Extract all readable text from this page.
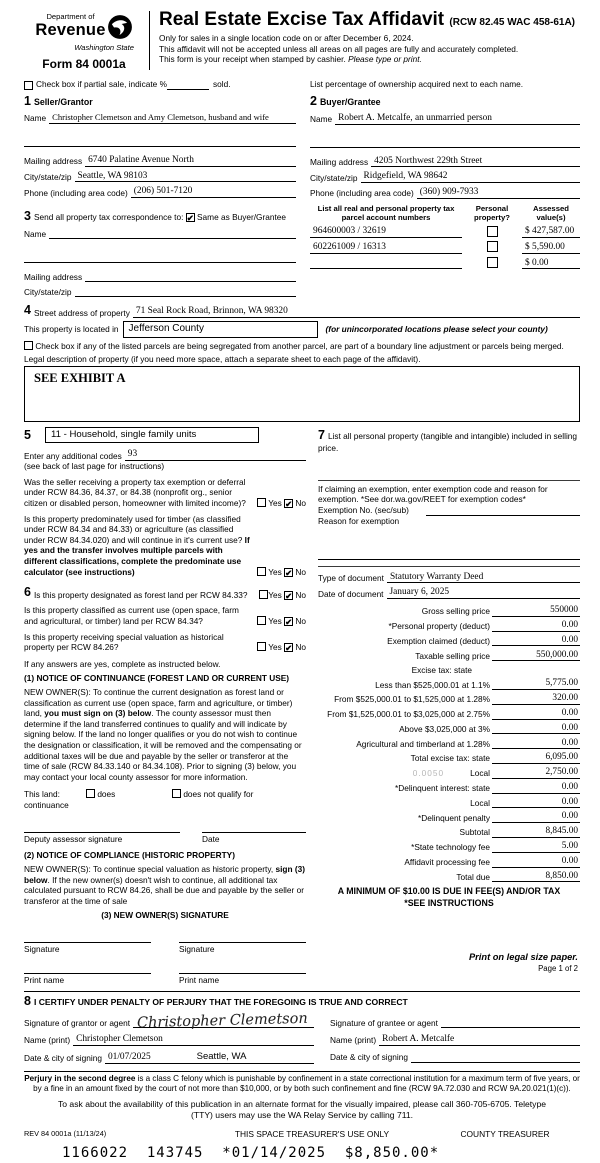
Department of
Revenue
Washington State
Form 84 0001a
Real Estate Excise Tax Affidavit (RCW 82.45 WAC 458-61A)
Only for sales in a single location code on or after December 6, 2024.
This affidavit will not be accepted unless all areas on all pages are fully and accurately completed.
This form is your receipt when stamped by cashier. Please type or print.
Check box if partial sale, indicate %	sold.	List percentage of ownership acquired next to each name.
1 Seller/Grantor
Name Christopher Clemetson and Amy Clemetson, husband and wife
Mailing address 6740 Palatine Avenue North
City/state/zip Seattle, WA 98103
Phone (including area code) (206) 501-7120
3 Send all property tax correspondence to: ✔ Same as Buyer/Grantee
Name
Mailing address
City/state/zip
2 Buyer/Grantee
Name Robert A. Metcalfe, an unmarried person
Mailing address 4205 Northwest 229th Street
City/state/zip Ridgefield, WA 98642
Phone (including area code) (360) 909-7933
List all real and personal property tax parcel account numbers
Personal property?
Assessed value(s)
964600003 / 32619	$ 427,587.00
602261009 / 16313	$ 5,590.00
$ 0.00
4 Street address of property 71 Seal Rock Road, Brinnon, WA 98320
This property is located in	Jefferson County	(for unincorporated locations please select your county)
Check box if any of the listed parcels are being segregated from another parcel, are part of a boundary line adjustment or parcels being merged.
Legal description of property (if you need more space, attach a separate sheet to each page of the affidavit).
SEE EXHIBIT A
5	11 - Household, single family units
Enter any additional codes 93
(see back of last page for instructions)
Was the seller receiving a property tax exemption or deferral under RCW 84.36, 84.37, or 84.38 (nonprofit org., senior citizen or disabled person, homeowner with limited income)?	Yes ✔ No
Is this property predominately used for timber (as classified under RCW 84.34 and 84.33) or agriculture (as classified under RCW 84.34.020) and will continue in it's current use? If yes and the transfer involves multiple parcels with different classifications, complete the predominate use calculator (see instructions)	Yes ✔ No
6 Is this property designated as forest land per RCW 84.33?	Yes ✔ No
Is this property classified as current use (open space, farm and agricultural, or timber) land per RCW 84.34?	Yes ✔ No
Is this property receiving special valuation as historical property per RCW 84.26?	Yes ✔ No
If any answers are yes, complete as instructed below.
(1) NOTICE OF CONTINUANCE (FOREST LAND OR CURRENT USE)
NEW OWNER(S): To continue the current designation as forest land or classification as current use (open space, farm and agriculture, or timber) land, you must sign on (3) below. The county assessor must then determine if the land transferred continues to qualify and will indicate by signing below. If the land no longer qualifies or you do not wish to continue the designation or classification, it will be removed and the compensating or additional taxes will be due and payable by the seller or transferor at the time of sale (RCW 84.33.140 or 84.34.108). Prior to signing (3) below, you may contact your local county assessor for more information.
This land:
continuance
does	does not qualify for
Deputy assessor signature	Date
(2) NOTICE OF COMPLIANCE (HISTORIC PROPERTY)
NEW OWNER(S): To continue special valuation as historic property, sign (3) below. If the new owner(s) doesn't wish to continue, all additional tax calculated pursuant to RCW 84.26, shall be due and payable by the seller or transferor at the time of sale
(3) NEW OWNER(S) SIGNATURE
Signature	Signature
Print name	Print name
7 List all personal property (tangible and intangible) included in selling price.
If claiming an exemption, enter exemption code and reason for exemption. *See dor.wa.gov/REET for exemption codes*
Exemption No. (sec/sub)
Reason for exemption
Type of document Statutory Warranty Deed
Date of document January 6, 2025
Gross selling price	550000
*Personal property (deduct)	0.00
Exemption claimed (deduct)	0.00
Taxable selling price	550,000.00
Excise tax: state
Less than $525,000.01 at 1.1%	5,775.00
From $525,000.01 to $1,525,000 at 1.28%	320.00
From $1,525,000.01 to $3,025,000 at 2.75%	0.00
Above $3,025,000 at 3%	0.00
Agricultural and timberland at 1.28%	0.00
Total excise tax: state	6,095.00
0.0050	Local	2,750.00
*Delinquent interest: state	0.00
Local	0.00
*Delinquent penalty	0.00
Subtotal	8,845.00
*State technology fee	5.00
Affidavit processing fee	0.00
Total due	8,850.00
A MINIMUM OF $10.00 IS DUE IN FEE(S) AND/OR TAX
*SEE INSTRUCTIONS
8 I CERTIFY UNDER PENALTY OF PERJURY THAT THE FOREGOING IS TRUE AND CORRECT
Signature of grantor or agent Christopher Clemetson
Name (print) Christopher Clemetson
Date & city of signing 01/07/2025	Seattle, WA
Signature of grantee or agent
Name (print) Robert A. Metcalfe
Date & city of signing
Perjury in the second degree is a class C felony which is punishable by confinement in a state correctional institution for a maximum term of five years, or by a fine in an amount fixed by the court of not more than $10,000, or by both such confinement and fine (RCW 9A.72.030 and RCW 9A.20.021(1)(c)).
To ask about the availability of this publication in an alternate format for the visually impaired, please call 360-705-6705. Teletype (TTY) users may use the WA Relay Service by calling 711.
REV 84 0001a (11/13/24)	THIS SPACE TREASURER'S USE ONLY	COUNTY TREASURER
1166022  143745  *01/14/2025  $8,850.00*
Print on legal size paper.
Page 1 of 2
